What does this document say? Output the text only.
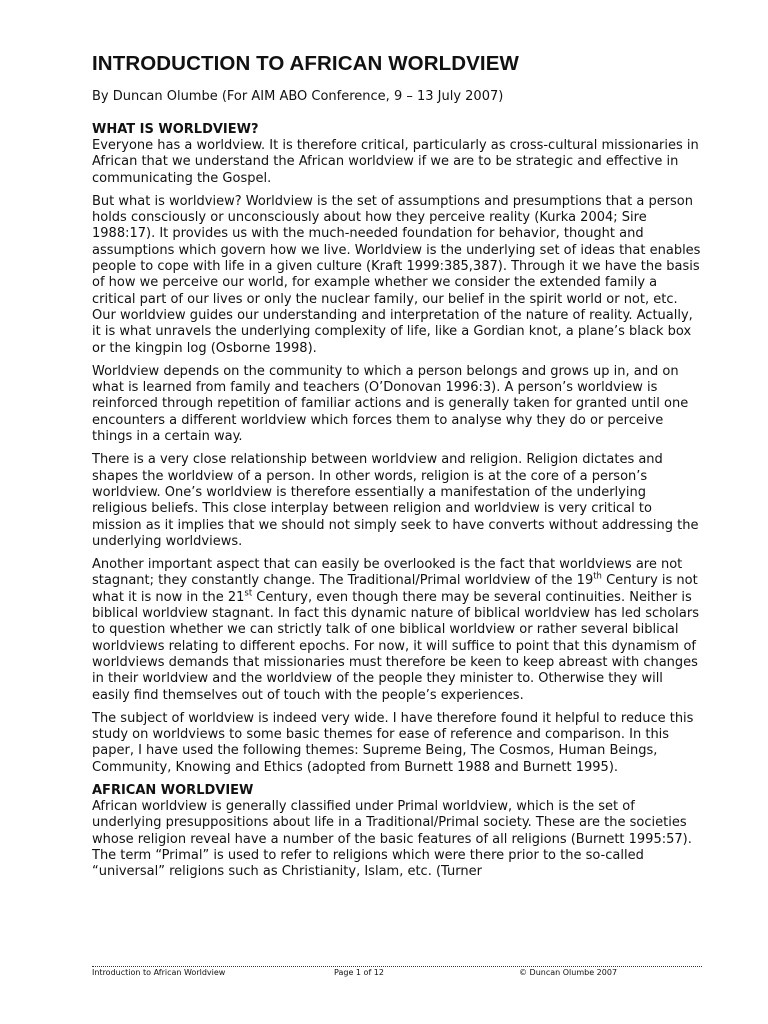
INTRODUCTION TO AFRICAN WORLDVIEW

By Duncan Olumbe (For AIM ABO Conference, 9 – 13 July 2007)

WHAT IS WORLDVIEW?

Everyone has a worldview. It is therefore critical, particularly as cross-cultural missionaries in African that we understand the African worldview if we are to be strategic and effective in communicating the Gospel.

But what is worldview? Worldview is the set of assumptions and presumptions that a person holds consciously or unconsciously about how they perceive reality (Kurka 2004; Sire 1988:17). It provides us with the much-needed foundation for behavior, thought and assumptions which govern how we live. Worldview is the underlying set of ideas that enables people to cope with life in a given culture (Kraft 1999:385,387). Through it we have the basis of how we perceive our world, for example whether we consider the extended family a critical part of our lives or only the nuclear family, our belief in the spirit world or not, etc. Our worldview guides our understanding and interpretation of the nature of reality. Actually, it is what unravels the underlying complexity of life, like a Gordian knot, a plane’s black box or the kingpin log (Osborne 1998).

Worldview depends on the community to which a person belongs and grows up in, and on what is learned from family and teachers (O’Donovan 1996:3). A person’s worldview is reinforced through repetition of familiar actions and is generally taken for granted until one encounters a different worldview which forces them to analyse why they do or perceive things in a certain way.

There is a very close relationship between worldview and religion. Religion dictates and shapes the worldview of a person. In other words, religion is at the core of a person’s worldview. One’s worldview is therefore essentially a manifestation of the underlying religious beliefs. This close interplay between religion and worldview is very critical to mission as it implies that we should not simply seek to have converts without addressing the underlying worldviews.

Another important aspect that can easily be overlooked is the fact that worldviews are not stagnant; they constantly change. The Traditional/Primal worldview of the 19th Century is not what it is now in the 21st Century, even though there may be several continuities. Neither is biblical worldview stagnant. In fact this dynamic nature of biblical worldview has led scholars to question whether we can strictly talk of one biblical worldview or rather several biblical worldviews relating to different epochs. For now, it will suffice to point that this dynamism of worldviews demands that missionaries must therefore be keen to keep abreast with changes in their worldview and the worldview of the people they minister to. Otherwise they will easily find themselves out of touch with the people’s experiences.

The subject of worldview is indeed very wide. I have therefore found it helpful to reduce this study on worldviews to some basic themes for ease of reference and comparison. In this paper, I have used the following themes: Supreme Being, The Cosmos, Human Beings, Community, Knowing and Ethics (adopted from Burnett 1988 and Burnett 1995).

AFRICAN WORLDVIEW

African worldview is generally classified under Primal worldview, which is the set of underlying presuppositions about life in a Traditional/Primal society. These are the societies whose religion reveal have a number of the basic features of all religions (Burnett 1995:57). The term “Primal” is used to refer to religions which were there prior to the so-called “universal” religions such as Christianity, Islam, etc. (Turner

Introduction to African Worldview	Page 1 of 12	© Duncan Olumbe 2007
